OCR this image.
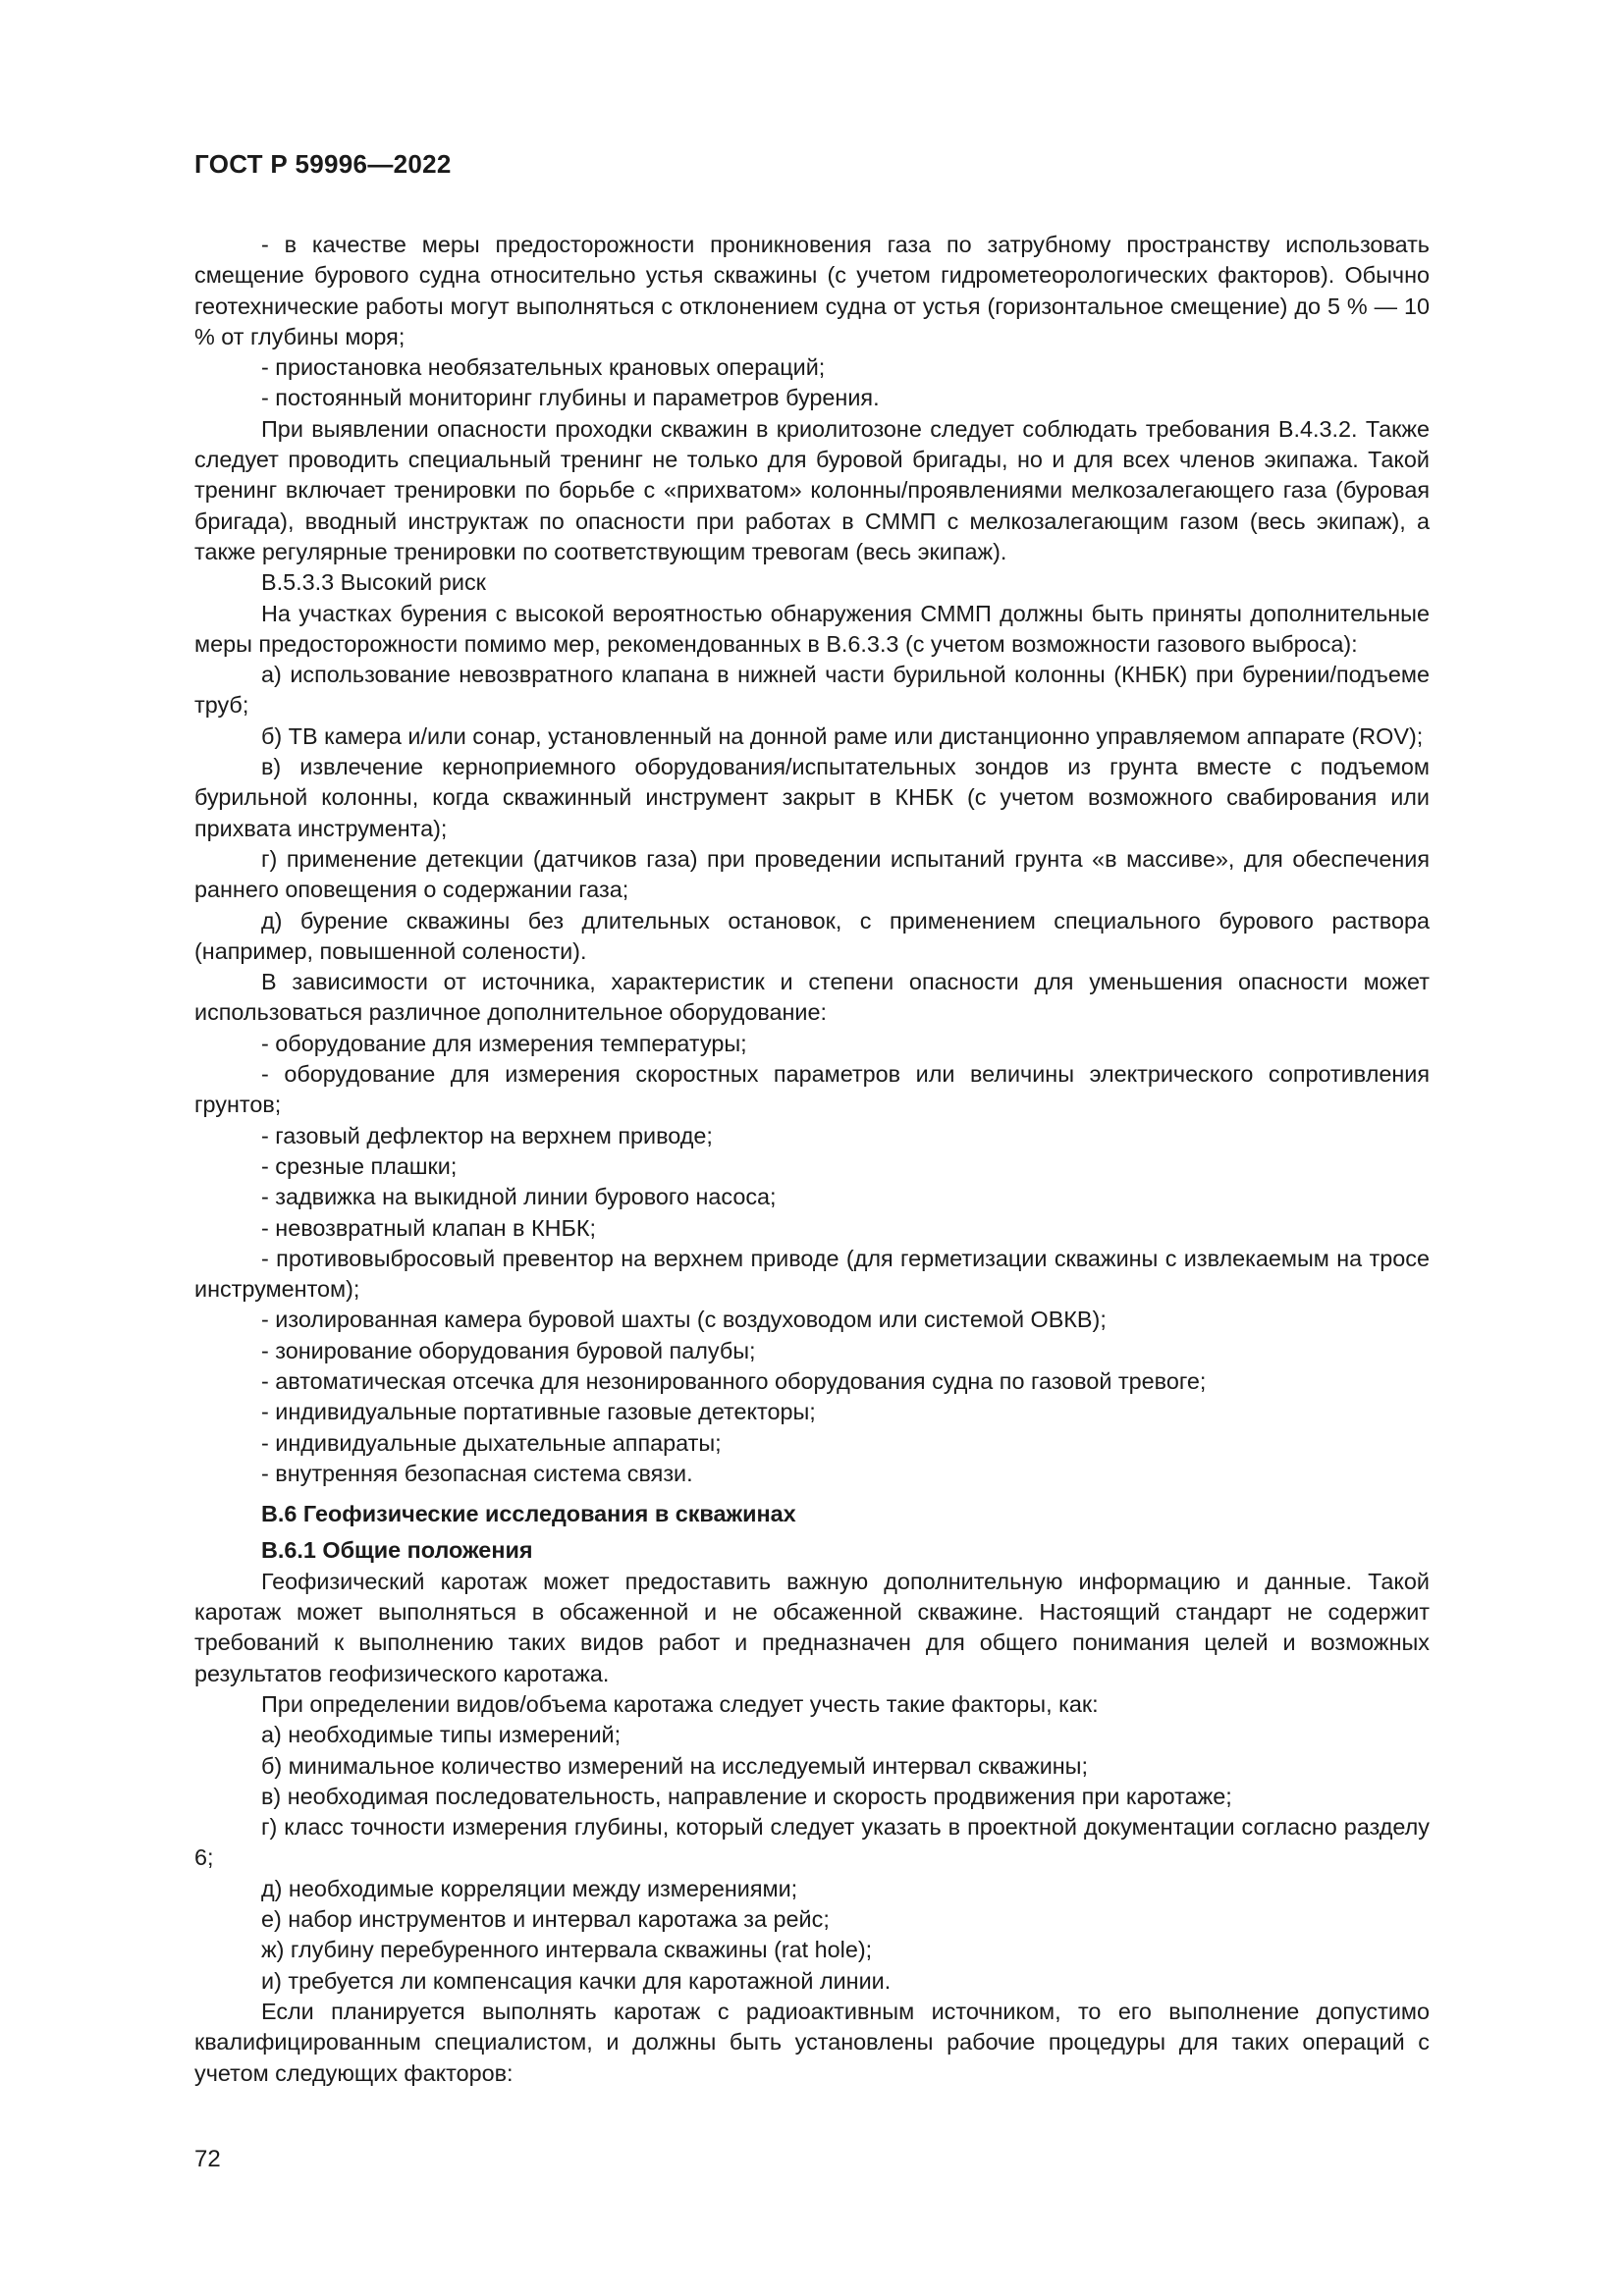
ГОСТ Р 59996—2022

- в качестве меры предосторожности проникновения газа по затрубному пространству использовать смещение бурового судна относительно устья скважины (с учетом гидрометеорологических факторов). Обычно геотехнические работы могут выполняться с отклонением судна от устья (горизонтальное смещение) до 5 % — 10 % от глубины моря;

- приостановка необязательных крановых операций;

- постоянный мониторинг глубины и параметров бурения.

При выявлении опасности проходки скважин в криолитозоне следует соблюдать требования В.4.3.2. Также следует проводить специальный тренинг не только для буровой бригады, но и для всех членов экипажа. Такой тренинг включает тренировки по борьбе с «прихватом» колонны/проявлениями мелкозалегающего газа (буровая бригада), вводный инструктаж по опасности при работах в СММП с мелкозалегающим газом (весь экипаж), а также регулярные тренировки по соответствующим тревогам (весь экипаж).

В.5.3.3 Высокий риск

На участках бурения с высокой вероятностью обнаружения СММП должны быть приняты дополнительные меры предосторожности помимо мер, рекомендованных в В.6.3.3 (с учетом возможности газового выброса):

а) использование невозвратного клапана в нижней части бурильной колонны (КНБК) при бурении/подъеме труб;

б) ТВ камера и/или сонар, установленный на донной раме или дистанционно управляемом аппарате (ROV);

в) извлечение керноприемного оборудования/испытательных зондов из грунта вместе с подъемом бурильной колонны, когда скважинный инструмент закрыт в КНБК (с учетом возможного свабирования или прихвата инструмента);

г) применение детекции (датчиков газа) при проведении испытаний грунта «в массиве», для обеспечения раннего оповещения о содержании газа;

д) бурение скважины без длительных остановок, с применением специального бурового раствора (например, повышенной солености).

В зависимости от источника, характеристик и степени опасности для уменьшения опасности может использоваться различное дополнительное оборудование:

- оборудование для измерения температуры;

- оборудование для измерения скоростных параметров или величины электрического сопротивления грунтов;

- газовый дефлектор на верхнем приводе;

- срезные плашки;

- задвижка на выкидной линии бурового насоса;

- невозвратный клапан в КНБК;

- противовыбросовый превентор на верхнем приводе (для герметизации скважины с извлекаемым на тросе инструментом);

- изолированная камера буровой шахты (с воздуховодом или системой ОВКВ);

- зонирование оборудования буровой палубы;

- автоматическая отсечка для незонированного оборудования судна по газовой тревоге;

- индивидуальные портативные газовые детекторы;

- индивидуальные дыхательные аппараты;

- внутренняя безопасная система связи.

В.6 Геофизические исследования в скважинах

В.6.1 Общие положения

Геофизический каротаж может предоставить важную дополнительную информацию и данные. Такой каротаж может выполняться в обсаженной и не обсаженной скважине. Настоящий стандарт не содержит требований к выполнению таких видов работ и предназначен для общего понимания целей и возможных результатов геофизического каротажа.

При определении видов/объема каротажа следует учесть такие факторы, как:

а) необходимые типы измерений;

б) минимальное количество измерений на исследуемый интервал скважины;

в) необходимая последовательность, направление и скорость продвижения при каротаже;

г) класс точности измерения глубины, который следует указать в проектной документации согласно разделу 6;

д) необходимые корреляции между измерениями;

е) набор инструментов и интервал каротажа за рейс;

ж) глубину перебуренного интервала скважины (rat hole);

и) требуется ли компенсация качки для каротажной линии.

Если планируется выполнять каротаж с радиоактивным источником, то его выполнение допустимо квалифицированным специалистом, и должны быть установлены рабочие процедуры для таких операций с учетом следующих факторов:

72
